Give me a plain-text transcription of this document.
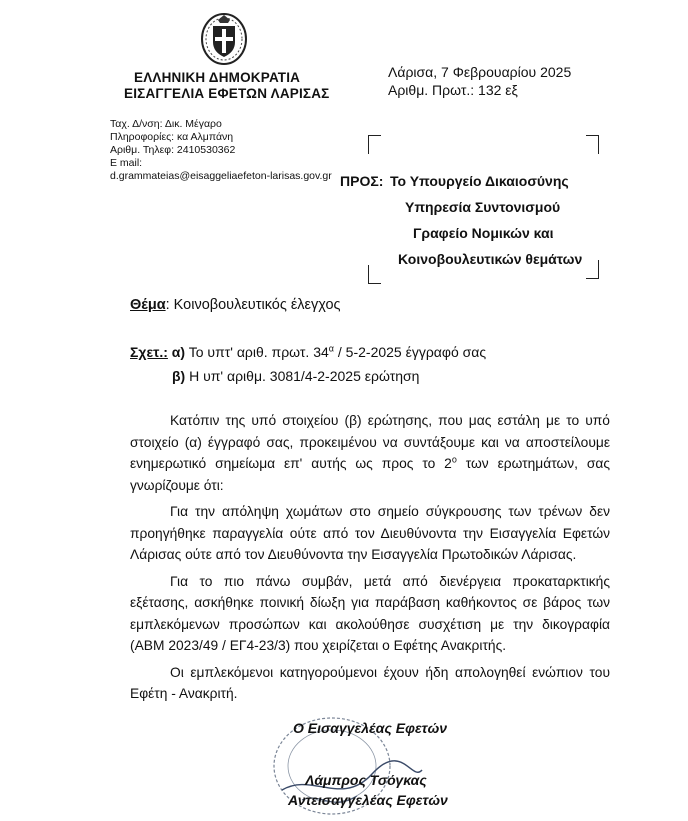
ΕΛΛΗΝΙΚΗ ΔΗΜΟΚΡΑΤΙΑ
ΕΙΣΑΓΓΕΛΙΑ ΕΦΕΤΩΝ ΛΑΡΙΣΑΣ
Λάρισα, 7 Φεβρουαρίου 2025
Αριθμ. Πρωτ.: 132 εξ
Ταχ. Δ/νση: Δικ. Μέγαρο
Πληροφορίες: κα Αλμπάνη
Αριθμ. Τηλεφ: 2410530362
E mail:
d.grammateias@eisaggeliaefeton-larisas.gov.gr ΠΡΟΣ: Το Υπουργείο Δικαιοσύνης
Υπηρεσία Συντονισμού
Γραφείο Νομικών και
Κοινοβουλευτικών θεμάτων
Θέμα: Κοινοβουλευτικός έλεγχος
Σχετ.: α) Το υπτ' αριθ. πρωτ. $34^\alpha / 5-2-2025$ έγγραφό σας
β) Η υπ' αριθμ. 3081/4-2-2025 ερώτηση

Κατόπιν της υπό στοιχείου (β) ερώτησης, που μας εστάλη με το υπό στοιχείο (α) έγγραφό σας, προκειμένου να συντάξουμε και να αποστείλουμε ενημερωτικό σημείωμα επ' αυτής ως προς το $2^o$ των ερωτημάτων, σας γνωρίζουμε ότι:

Για την απόληψη χωμάτων στο σημείο σύγκρουσης των τρένων δεν προηγήθηκε παραγγελία ούτε από τον Διευθύνοντα την Εισαγγελία Εφετών Λάρισας ούτε από τον Διευθύνοντα την Εισαγγελία Πρωτοδικών Λάρισας.

Για το πιο πάνω συμβάν, μετά από διενέργεια προκαταρκτικής εξέτασης, ασκήθηκε ποινική δίωξη για παράβαση καθήκοντος σε βάρος των εμπλεκόμενων προσώπων και ακολούθησε συσχέτιση με την δικογραφία (ΑΒΜ 2023/49 / ΕΓ4-23/3) που χειρίζεται ο Εφέτης Ανακριτής.

Οι εμπλεκόμενοι κατηγορούμενοι έχουν ήδη απολογηθεί ενώπιον του Εφέτη - Ανακριτή.

Ο Εισαγγελέας Εφετών
Λάμπρος Τσόγκας
Αντεισαγγελέας Εφετών
